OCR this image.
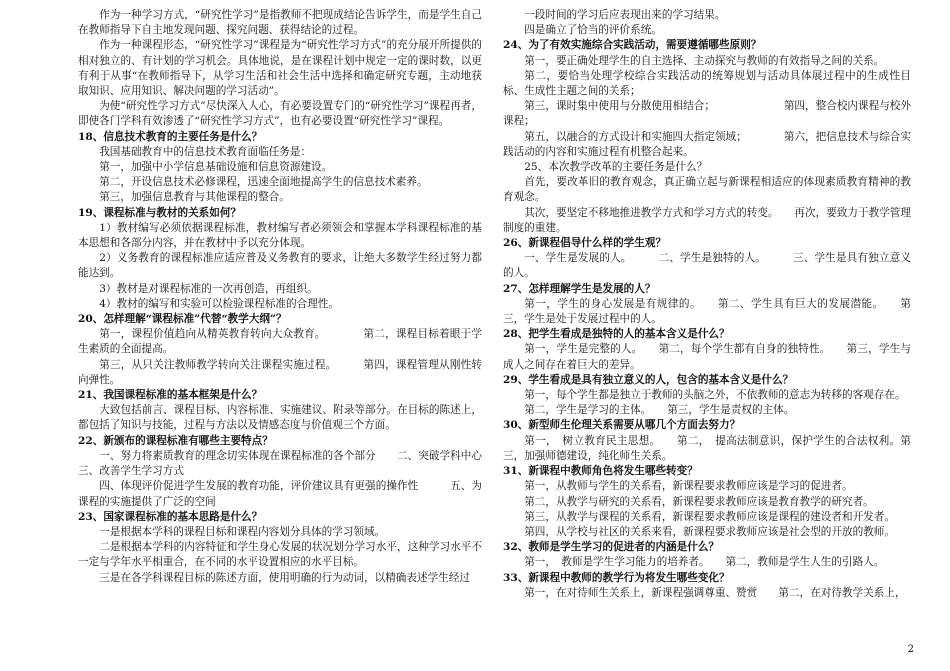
作为一种学习方式，“研究性学习”是指教师不把现成结论告诉学生，而是学生自己在教师指导下自主地发现问题、探究问题、获得结论的过程。

作为一种课程形态，“研究性学习”课程是为“研究性学习方式”的充分展开所提供的相对独立的、有计划的学习机会。具体地说，是在课程计划中规定一定的课时数，以更有利于从事“在教师指导下，从学习生活和社会生活中选择和确定研究专题，主动地获取知识、应用知识、解决问题的学习活动”。

为使“研究性学习方式”尽快深入人心，有必要设置专门的“研究性学习”课程再者，即使各门学科有效渗透了“研究性学习方式”，也有必要设置“研究性学习”课程。

18、信息技术教育的主要任务是什么？

我国基础教育中的信息技术教育面临任务是：

第一，加强中小学信息基础设施和信息资源建设。

第二，开设信息技术必修课程，迅速全面地提高学生的信息技术素养。

第三，加强信息教育与其他课程的整合。

19、课程标准与教材的关系如何？

1）教材编写必须依据课程标准，教材编写者必须领会和掌握本学科课程标准的基本思想和各部分内容，并在教材中予以充分体现。

2）义务教育的课程标准应适应普及义务教育的要求，让绝大多数学生经过努力都能达到。

3）教材是对课程标准的一次再创造，再组织。

4）教材的编写和实验可以检验课程标准的合理性。

20、怎样理解“课程标准”代替“教学大纲”？

第一，课程价值趋向从精英教育转向大众教育。　　　　第二，课程目标着眼于学生素质的全面提高。

第三，从只关注教师教学转向关注课程实施过程。　　　第四，课程管理从刚性转向弹性。

21、我国课程标准的基本框架是什么？

大致包括前言、课程目标、内容标准、实施建议、附录等部分。在目标的陈述上，都包括了知识与技能，过程与方法以及情感态度与价值观三个方面。

22、新颁布的课程标准有哪些主要特点？

一、努力将素质教育的理念切实体现在课程标准的各个部分　　二、突破学科中心　三、改善学生学习方式

四、体现评价促进学生发展的教育功能，评价建议具有更强的操作性　　　五、为课程的实施提供了广泛的空间

23、国家课程标准的基本思路是什么？

一是根据本学科的课程目标和课程内容划分具体的学习领域。

二是根据本学科的内容特征和学生身心发展的状况划分学习水平，这种学习水平不一定与学年水平相重合，在不同的水平设置相应的水平目标。

三是在各学科课程目标的陈述方面，使用明确的行为动词，以精确表述学生经过

一段时间的学习后应表现出来的学习结果。

四是确立了恰当的评价系统。

24、为了有效实施综合实践活动，需要遵循哪些原则？

第一，要正确处理学生的自主选择、主动探究与教师的有效指导之间的关系。

第二，要恰当处理学校综合实践活动的统筹规划与活动具体展过程中的生成性目标、生成性主题之间的关系；

第三，课时集中使用与分散使用相结合；　　　　　　　第四，整合校内课程与校外课程；

第五，以融合的方式设计和实施四大指定领域；　　　　第六，把信息技术与综合实践活动的内容和实施过程有机整合起来。

25、本次教学改革的主要任务是什么？

首先，要改革旧的教育观念，真正确立起与新课程相适应的体现素质教育精神的教育观念。

其次，要坚定不移地推进教学方式和学习方式的转变。　　再次，要致力于教学管理制度的重建。

26、新课程倡导什么样的学生观？

一、学生是发展的人。　　　二、学生是独特的人。　　　三、学生是具有独立意义的人。

27、怎样理解学生是发展的人？

第一，学生的身心发展是有规律的。　　第二、学生具有巨大的发展潜能。　　第三，学生是处于发展过程中的人。

28、把学生看成是独特的人的基本含义是什么？

第一，学生是完整的人。　　第二，每个学生都有自身的独特性。　　第三，学生与成人之间存在着巨大的差异。

29、学生看成是具有独立意义的人，包含的基本含义是什么？

第一，每个学生都是独立于教师的头脑之外，不依教师的意志为转移的客观存在。

第二，学生是学习的主体。　　第三，学生是责权的主体。

30、新型师生伦理关系需要从哪几个方面去努力？

第一，　树立教育民主思想。　　第二，　提高法制意识，保护学生的合法权利。第三，加强师德建设，纯化师生关系。

31、新课程中教师角色将发生哪些转变？

第一，从教师与学生的关系看，新课程要求教师应该是学习的促进者。

第二，从教学与研究的关系看，新课程要求教师应该是教育教学的研究者。

第三，从教学与课程的关系看，新课程要求教师应该是课程的建设者和开发者。

第四，从学校与社区的关系来看，新课程要求教师应该是社会型的开放的教师。

32、教师是学生学习的促进者的内涵是什么？

第一，　教师是学生学习能力的培养者。　　第二，教师是学生人生的引路人。

33、新课程中教师的教学行为将发生哪些变化？

第一，在对待师生关系上，新课程强调尊重、赞赏　　第二，在对待教学关系上，

2
